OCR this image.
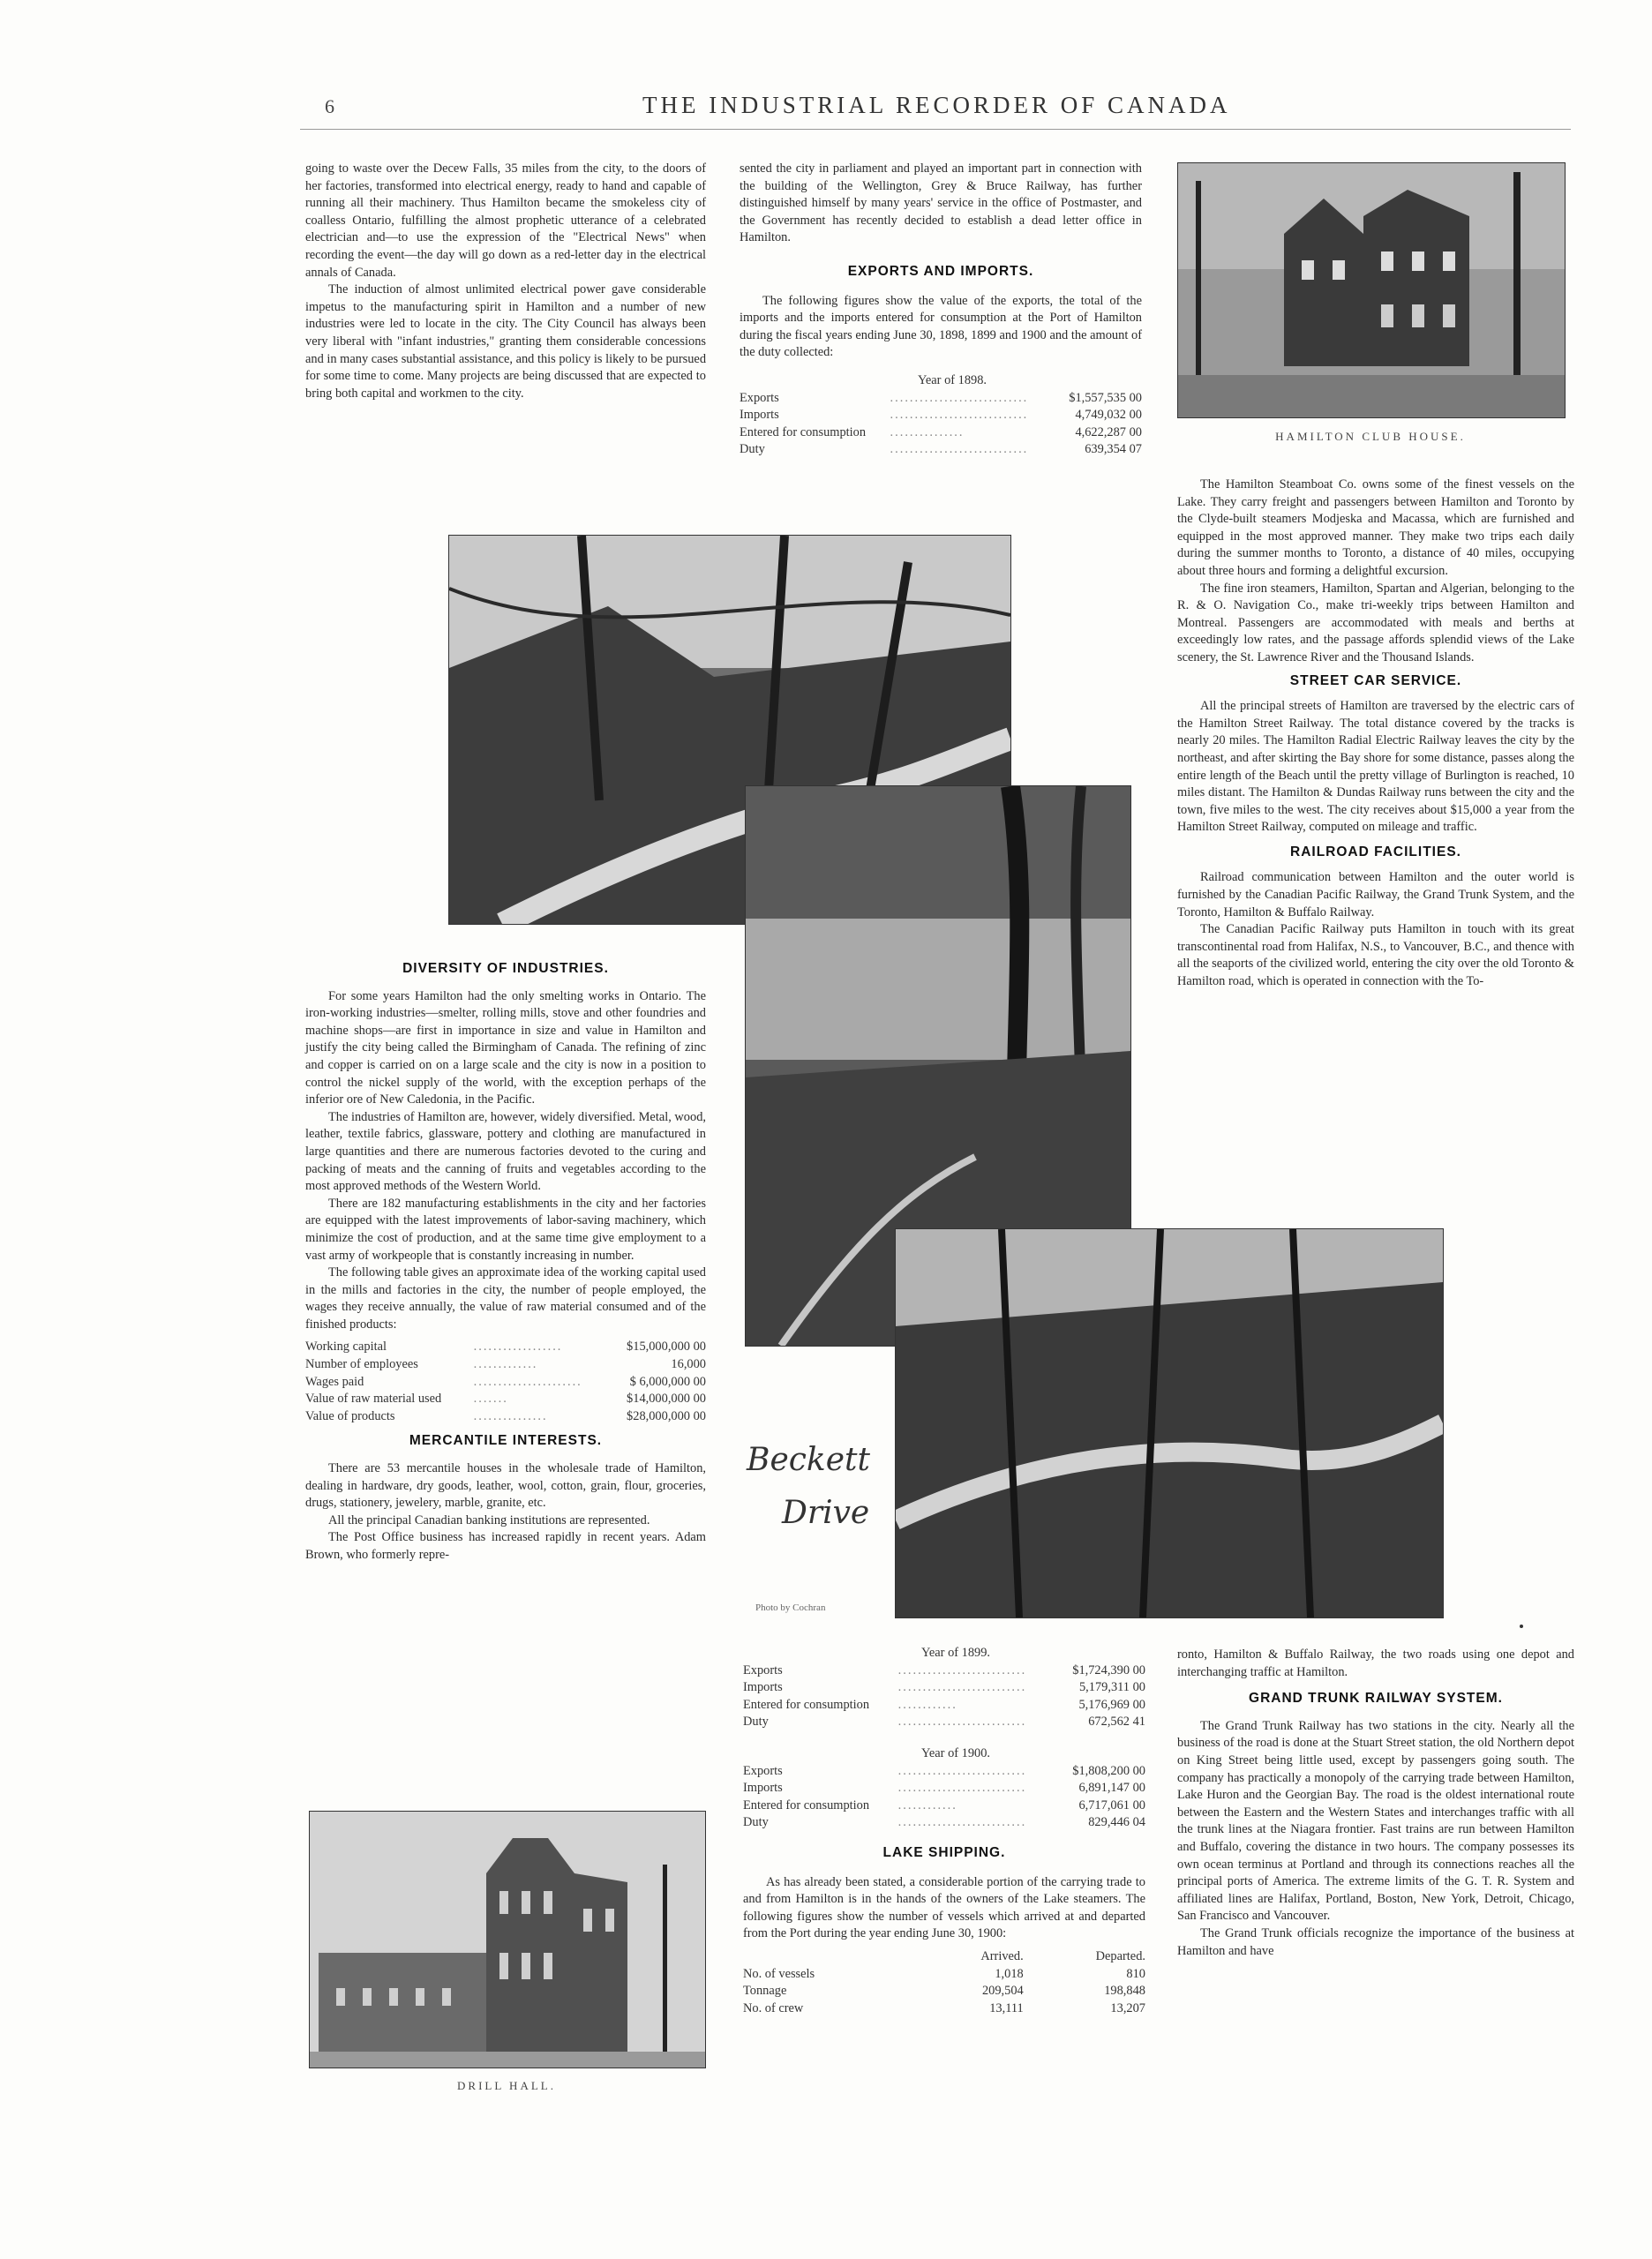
6	THE INDUSTRIAL RECORDER OF CANADA

going to waste over the Decew Falls, 35 miles from the city, to the doors of her factories, transformed into electrical energy, ready to hand and capable of running all their machinery. Thus Hamilton became the smokeless city of coalless Ontario, fulfilling the almost prophetic utterance of a celebrated electrician and—to use the expression of the "Electrical News" when recording the event—the day will go down as a red-letter day in the electrical annals of Canada.

The induction of almost unlimited electrical power gave considerable impetus to the manufacturing spirit in Hamilton and a number of new industries were led to locate in the city. The City Council has always been very liberal with "infant industries," granting them considerable concessions and in many cases substantial assistance, and this policy is likely to be pursued for some time to come. Many projects are being discussed that are expected to bring both capital and workmen to the city.

sented the city in parliament and played an important part in connection with the building of the Wellington, Grey & Bruce Railway, has further distinguished himself by many years' service in the office of Postmaster, and the Government has recently decided to establish a dead letter office in Hamilton.

EXPORTS AND IMPORTS.

The following figures show the value of the exports, the total of the imports and the imports entered for consumption at the Port of Hamilton during the fiscal years ending June 30, 1898, 1899 and 1900 and the amount of the duty collected:

Year of 1898.

Exports	............................	$1,557,535 00
Imports	............................	4,749,032 00
Entered for consumption	...............	4,622,287 00
Duty	............................	639,354 07
HAMILTON CLUB HOUSE.

The Hamilton Steamboat Co. owns some of the finest vessels on the Lake. They carry freight and passengers between Hamilton and Toronto by the Clyde-built steamers Modjeska and Macassa, which are furnished and equipped in the most approved manner. They make two trips each daily during the summer months to Toronto, a distance of 40 miles, occupying about three hours and forming a delightful excursion.

The fine iron steamers, Hamilton, Spartan and Algerian, belonging to the R. & O. Navigation Co., make tri-weekly trips between Hamilton and Montreal. Passengers are accommodated with meals and berths at exceedingly low rates, and the passage affords splendid views of the Lake scenery, the St. Lawrence River and the Thousand Islands.

STREET CAR SERVICE.

All the principal streets of Hamilton are traversed by the electric cars of the Hamilton Street Railway. The total distance covered by the tracks is nearly 20 miles. The Hamilton Radial Electric Railway leaves the city by the northeast, and after skirting the Bay shore for some distance, passes along the entire length of the Beach until the pretty village of Burlington is reached, 10 miles distant. The Hamilton & Dundas Railway runs between the city and the town, five miles to the west. The city receives about $15,000 a year from the Hamilton Street Railway, computed on mileage and traffic.

RAILROAD FACILITIES.

Railroad communication between Hamilton and the outer world is furnished by the Canadian Pacific Railway, the Grand Trunk System, and the Toronto, Hamilton & Buffalo Railway.

The Canadian Pacific Railway puts Hamilton in touch with its great transcontinental road from Halifax, N.S., to Vancouver, B.C., and thence with all the seaports of the civilized world, entering the city over the old Toronto & Hamilton road, which is operated in connection with the To-

Beckett
Drive
Photo by Cochran
DIVERSITY OF INDUSTRIES.

For some years Hamilton had the only smelting works in Ontario. The iron-working industries—smelter, rolling mills, stove and other foundries and machine shops—are first in importance in size and value in Hamilton and justify the city being called the Birmingham of Canada. The refining of zinc and copper is carried on on a large scale and the city is now in a position to control the nickel supply of the world, with the exception perhaps of the inferior ore of New Caledonia, in the Pacific.

The industries of Hamilton are, however, widely diversified. Metal, wood, leather, textile fabrics, glassware, pottery and clothing are manufactured in large quantities and there are numerous factories devoted to the curing and packing of meats and the canning of fruits and vegetables according to the most approved methods of the Western World.

There are 182 manufacturing establishments in the city and her factories are equipped with the latest improvements of labor-saving machinery, which minimize the cost of production, and at the same time give employment to a vast army of workpeople that is constantly increasing in number.

The following table gives an approximate idea of the working capital used in the mills and factories in the city, the number of people employed, the wages they receive annually, the value of raw material consumed and of the finished products:

Working capital	..................	$15,000,000 00
Number of employees	.............	16,000
Wages paid	......................	$ 6,000,000 00
Value of raw material used	.......	$14,000,000 00
Value of products	...............	$28,000,000 00
MERCANTILE INTERESTS.

There are 53 mercantile houses in the wholesale trade of Hamilton, dealing in hardware, dry goods, leather, wool, cotton, grain, flour, groceries, drugs, stationery, jewelery, marble, granite, etc.

All the principal Canadian banking institutions are represented.

The Post Office business has increased rapidly in recent years. Adam Brown, who formerly repre-

DRILL HALL.

Year of 1899.

Exports	..........................	$1,724,390 00
Imports	..........................	5,179,311 00
Entered for consumption	............	5,176,969 00
Duty	..........................	672,562 41

Year of 1900.

Exports	..........................	$1,808,200 00
Imports	..........................	6,891,147 00
Entered for consumption	............	6,717,061 00
Duty	..........................	829,446 04
LAKE SHIPPING.

As has already been stated, a considerable portion of the carrying trade to and from Hamilton is in the hands of the owners of the Lake steamers. The following figures show the number of vessels which arrived at and departed from the Port during the year ending June 30, 1900:

	Arrived.	Departed.
No. of vessels	1,018	810
Tonnage	209,504	198,848
No. of crew	13,111	13,207

ronto, Hamilton & Buffalo Railway, the two roads using one depot and interchanging traffic at Hamilton.

GRAND TRUNK RAILWAY SYSTEM.

The Grand Trunk Railway has two stations in the city. Nearly all the business of the road is done at the Stuart Street station, the old Northern depot on King Street being little used, except by passengers going south. The company has practically a monopoly of the carrying trade between Hamilton, Lake Huron and the Georgian Bay. The road is the oldest international route between the Eastern and the Western States and interchanges traffic with all the trunk lines at the Niagara frontier. Fast trains are run between Hamilton and Buffalo, covering the distance in two hours. The company possesses its own ocean terminus at Portland and through its connections reaches all the principal ports of America. The extreme limits of the G. T. R. System and affiliated lines are Halifax, Portland, Boston, New York, Detroit, Chicago, San Francisco and Vancouver.

The Grand Trunk officials recognize the importance of the business at Hamilton and have
